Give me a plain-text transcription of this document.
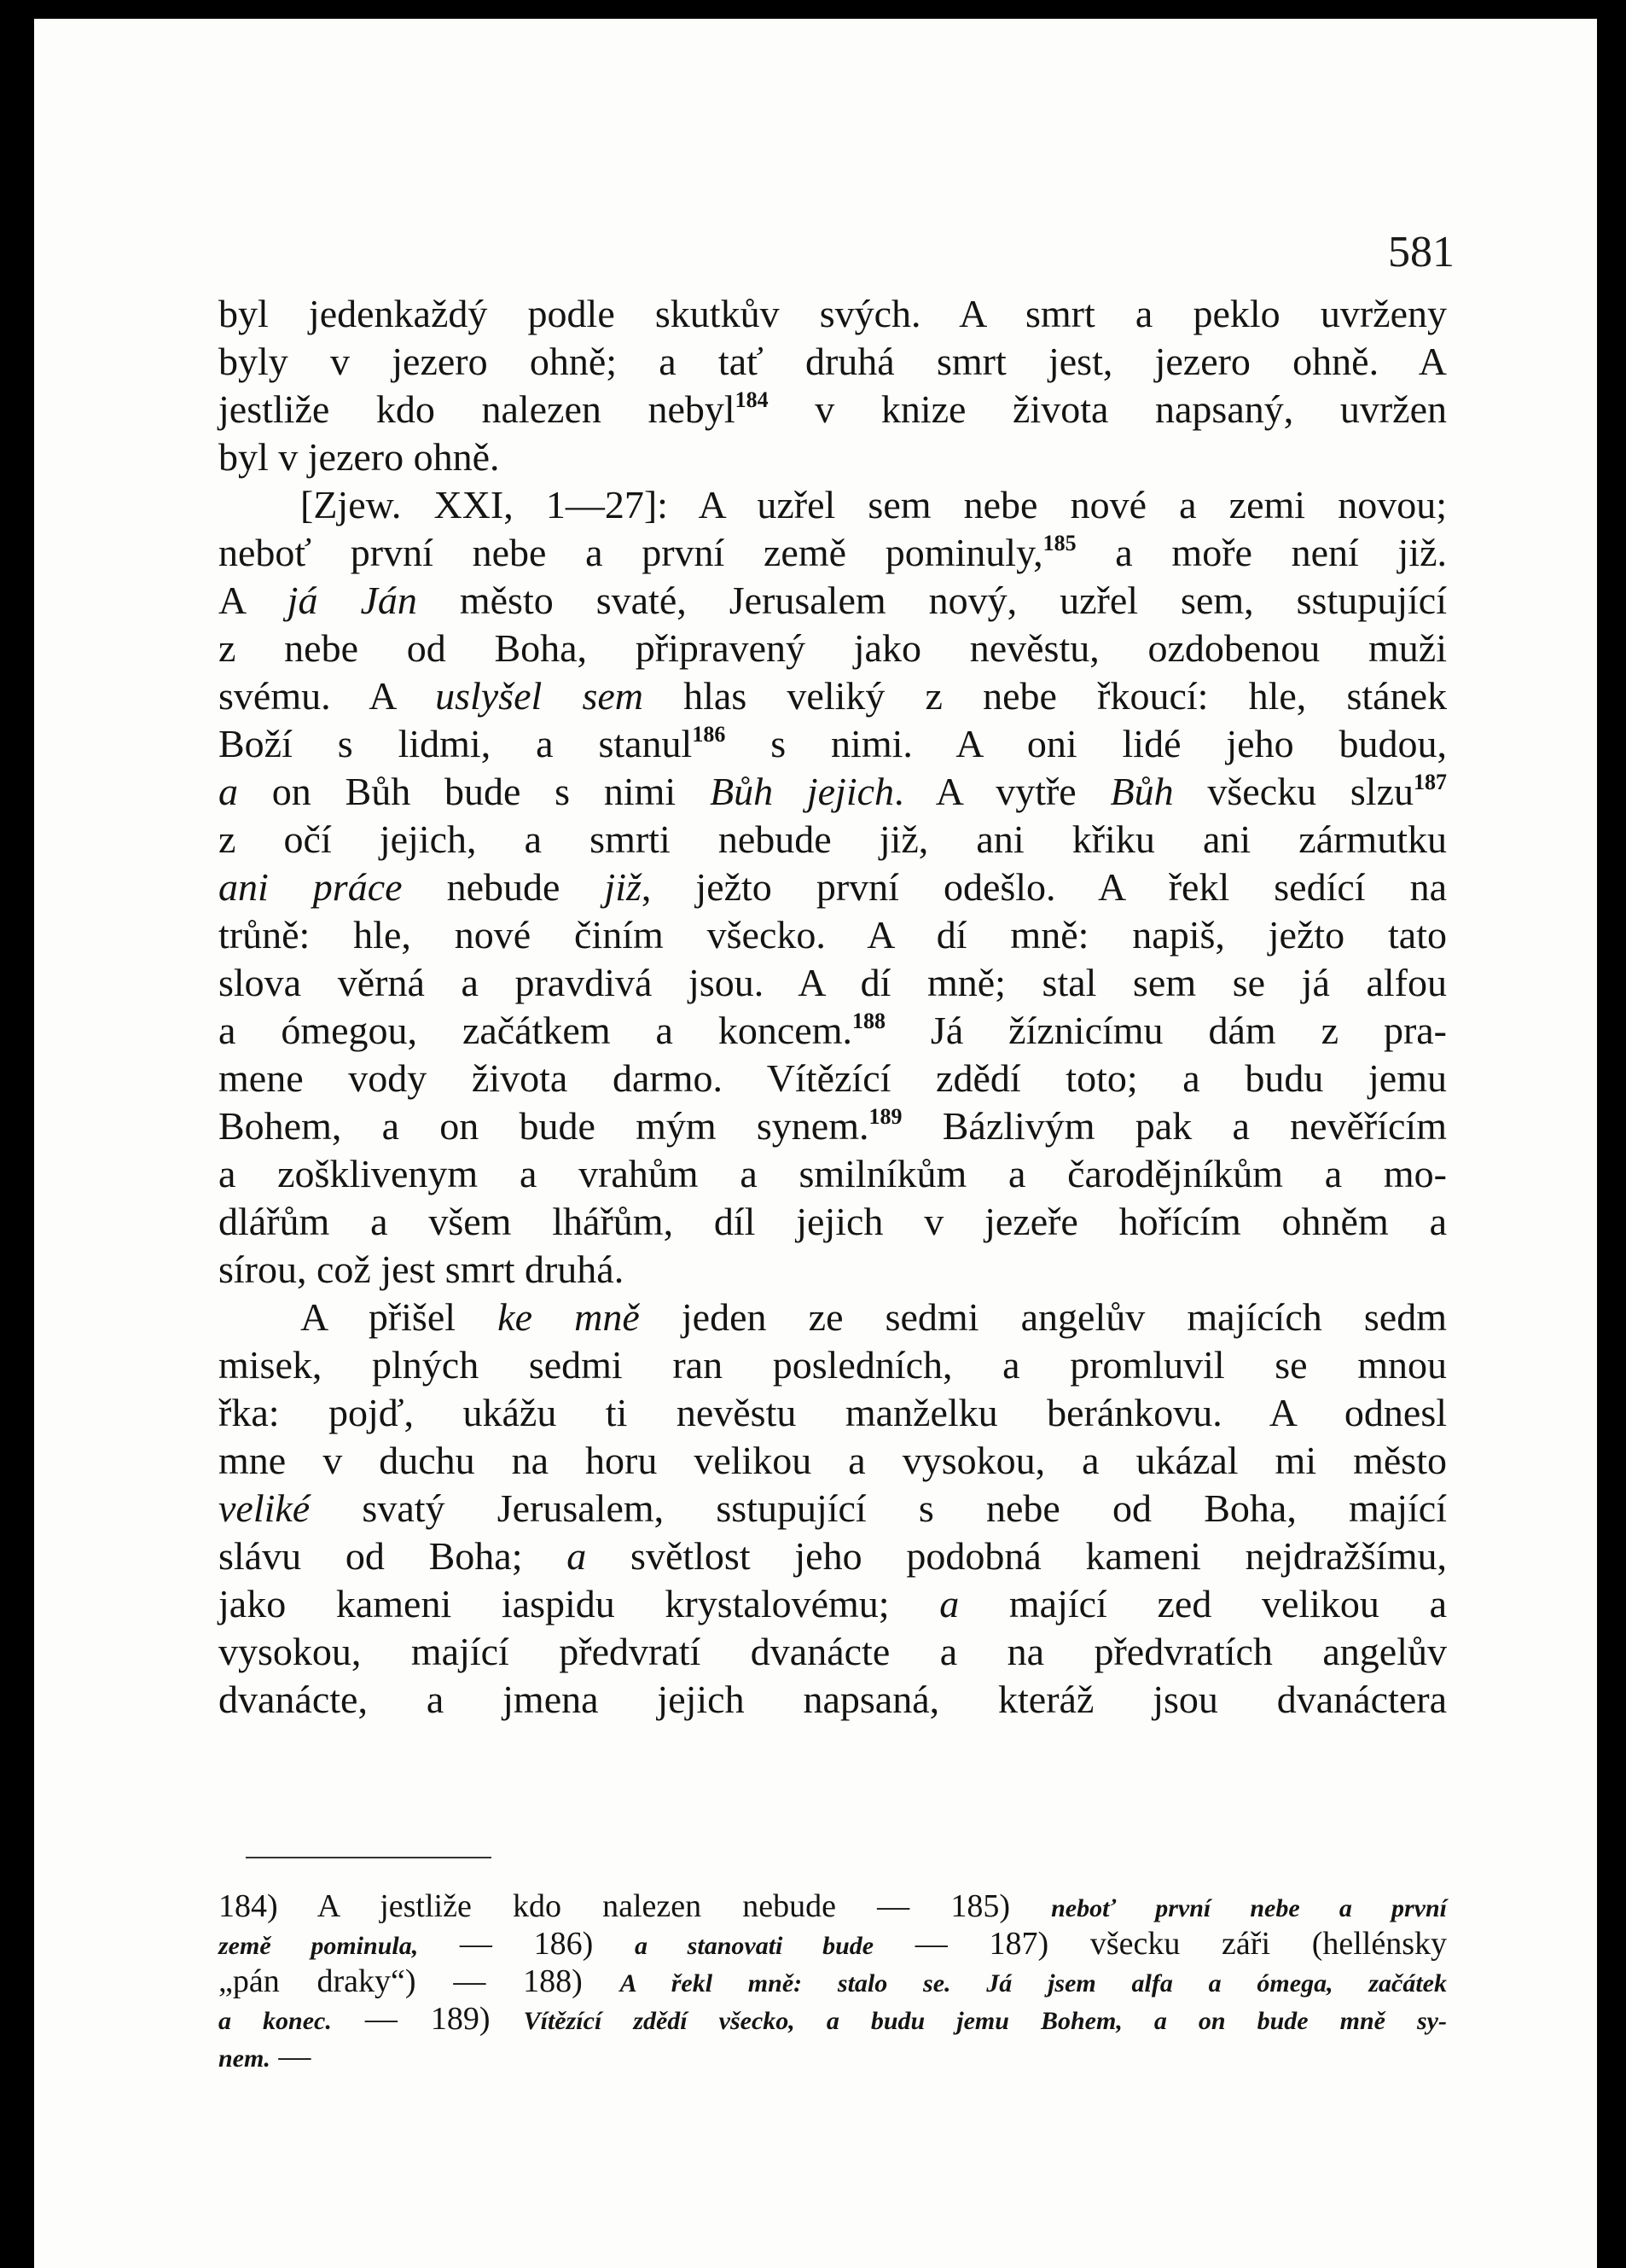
581
byl jedenkaždý podle skutkův svých. A smrt a peklo uvrženy
byly v jezero ohně; a tať druhá smrt jest, jezero ohně. A
jestliže kdo nalezen nebyl$^{184}$ v knize života napsaný, uvržen
byl v jezero ohně.
[Zjew. XXI, 1—27]: A uzřel sem nebe nové a zemi novou;
neboť první nebe a první země pominuly,$^{185}$ a moře není již.
A já Ján město svaté, Jerusalem nový, uzřel sem, sstupující
z nebe od Boha, připravený jako nevěstu, ozdobenou muži
svému. A uslyšel sem hlas veliký z nebe řkoucí: hle, stánek
Boží s lidmi, a stanul$^{186}$ s nimi. A oni lidé jeho budou,
a on Bůh bude s nimi Bůh jejich. A vytře Bůh všecku slzu$^{187}$
z očí jejich, a smrti nebude již, ani křiku ani zármutku
ani práce nebude již, ježto první odešlo. A řekl sedící na
trůně: hle, nové činím všecko. A dí mně: napiš, ježto tato
slova věrná a pravdivá jsou. A dí mně; stal sem se já alfou
a ómegou, začátkem a koncem.$^{188}$ Já žíznicímu dám z pra-
mene vody života darmo. Vítězící zdědí toto; a budu jemu
Bohem, a on bude mým synem.$^{189}$ Bázlivým pak a nevěřícím
a zošklivenym a vrahům a smilníkům a čarodějníkům a mo-
dlářům a všem lhářům, díl jejich v jezeře hořícím ohněm a
sírou, což jest smrt druhá.
A přišel ke mně jeden ze sedmi angelův majících sedm
misek, plných sedmi ran posledních, a promluvil se mnou
řka: pojď, ukážu ti nevěstu manželku beránkovu. A odnesl
mne v duchu na horu velikou a vysokou, a ukázal mi město
veliké svatý Jerusalem, sstupující s nebe od Boha, mající
slávu od Boha; a světlost jeho podobná kameni nejdražšímu,
jako kameni iaspidu krystalovému; a mající zed velikou a
vysokou, mající předvratí dvanácte a na předvratích angelův
dvanácte, a jmena jejich napsaná, kteráž jsou dvanáctera
184) A jestliže kdo nalezen nebude — 185) neboť první nebe a první
země pominula, — 186) a stanovati bude — 187) všecku záři (hellénsky
„pán draky“) — 188) A řekl mně: stalo se. Já jsem alfa a ómega, začátek
a konec. — 189) Vítězící zdědí všecko, a budu jemu Bohem, a on bude mně sy-
nem. —
